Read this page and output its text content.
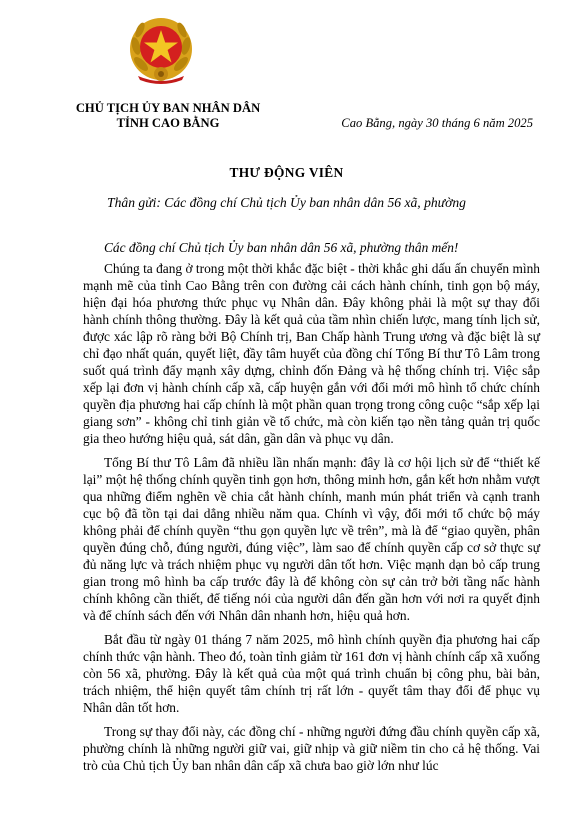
CHỦ TỊCH ỦY BAN NHÂN DÂN
TỈNH CAO BẰNG	Cao Bằng, ngày 30 tháng 6 năm 2025
THƯ ĐỘNG VIÊN
Thân gửi: Các đồng chí Chủ tịch Ủy ban nhân dân 56 xã, phường

Các đồng chí Chủ tịch Ủy ban nhân dân 56 xã, phường thân mến!

Chúng ta đang ở trong một thời khắc đặc biệt - thời khắc ghi dấu ấn chuyển mình mạnh mẽ của tỉnh Cao Bằng trên con đường cải cách hành chính, tinh gọn bộ máy, hiện đại hóa phương thức phục vụ Nhân dân. Đây không phải là một sự thay đổi hành chính thông thường. Đây là kết quả của tầm nhìn chiến lược, mang tính lịch sử, được xác lập rõ ràng bởi Bộ Chính trị, Ban Chấp hành Trung ương và đặc biệt là sự chỉ đạo nhất quán, quyết liệt, đầy tâm huyết của đồng chí Tổng Bí thư Tô Lâm trong suốt quá trình đẩy mạnh xây dựng, chỉnh đốn Đảng và hệ thống chính trị. Việc sắp xếp lại đơn vị hành chính cấp xã, cấp huyện gắn với đổi mới mô hình tổ chức chính quyền địa phương hai cấp chính là một phần quan trọng trong công cuộc “sắp xếp lại giang sơn” - không chỉ tinh giản về tổ chức, mà còn kiến tạo nền tảng quản trị quốc gia theo hướng hiệu quả, sát dân, gần dân và phục vụ dân.

Tổng Bí thư Tô Lâm đã nhiều lần nhấn mạnh: đây là cơ hội lịch sử để “thiết kế lại” một hệ thống chính quyền tinh gọn hơn, thông minh hơn, gắn kết hơn nhằm vượt qua những điểm nghẽn về chia cắt hành chính, manh mún phát triển và cạnh tranh cục bộ đã tồn tại dai dẳng nhiều năm qua. Chính vì vậy, đổi mới tổ chức bộ máy không phải để chính quyền “thu gọn quyền lực về trên”, mà là để “giao quyền, phân quyền đúng chỗ, đúng người, đúng việc”, làm sao để chính quyền cấp cơ sở thực sự đủ năng lực và trách nhiệm phục vụ người dân tốt hơn. Việc mạnh dạn bỏ cấp trung gian trong mô hình ba cấp trước đây là để không còn sự cản trở bởi tầng nấc hành chính không cần thiết, để tiếng nói của người dân đến gần hơn với nơi ra quyết định và để chính sách đến với Nhân dân nhanh hơn, hiệu quả hơn.

Bắt đầu từ ngày 01 tháng 7 năm 2025, mô hình chính quyền địa phương hai cấp chính thức vận hành. Theo đó, toàn tỉnh giảm từ 161 đơn vị hành chính cấp xã xuống còn 56 xã, phường. Đây là kết quả của một quá trình chuẩn bị công phu, bài bản, trách nhiệm, thể hiện quyết tâm chính trị rất lớn - quyết tâm thay đổi để phục vụ Nhân dân tốt hơn.

Trong sự thay đổi này, các đồng chí - những người đứng đầu chính quyền cấp xã, phường chính là những người giữ vai, giữ nhịp và giữ niềm tin cho cả hệ thống. Vai trò của Chủ tịch Ủy ban nhân dân cấp xã chưa bao giờ lớn như lúc
